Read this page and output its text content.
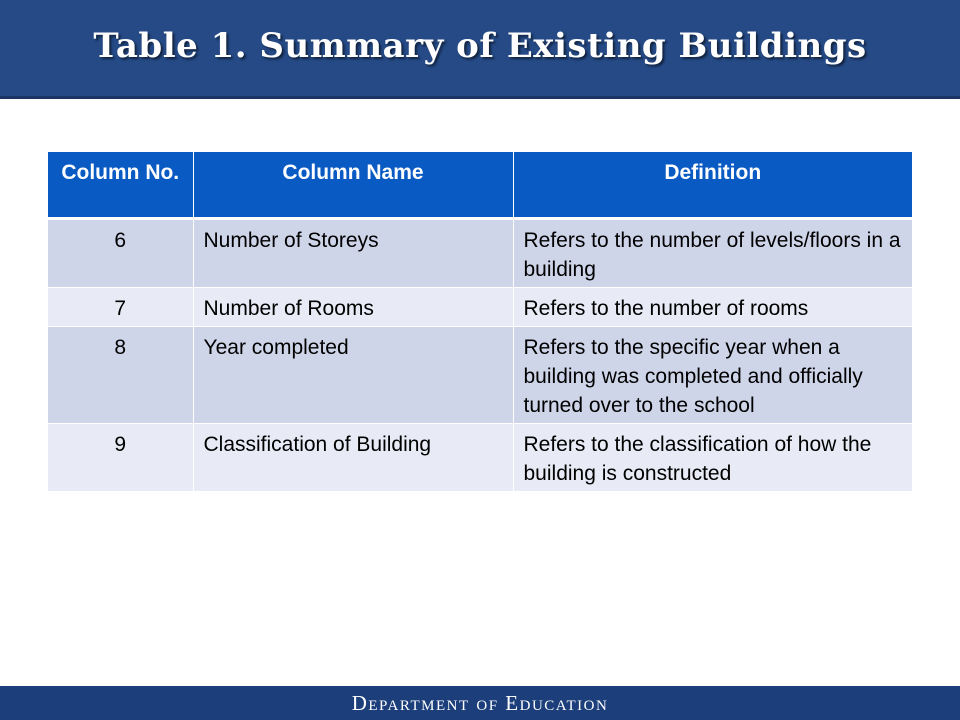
Table 1. Summary of Existing Buildings
Column No.	Column Name	Definition
6	Number of Storeys	Refers to the number of levels/floors in a building
7	Number of Rooms	Refers to the number of rooms
8	Year completed	Refers to the specific year when a building was completed and officially turned over to the school
9	Classification of Building	Refers to the classification of how the building is constructed
Department of Education
